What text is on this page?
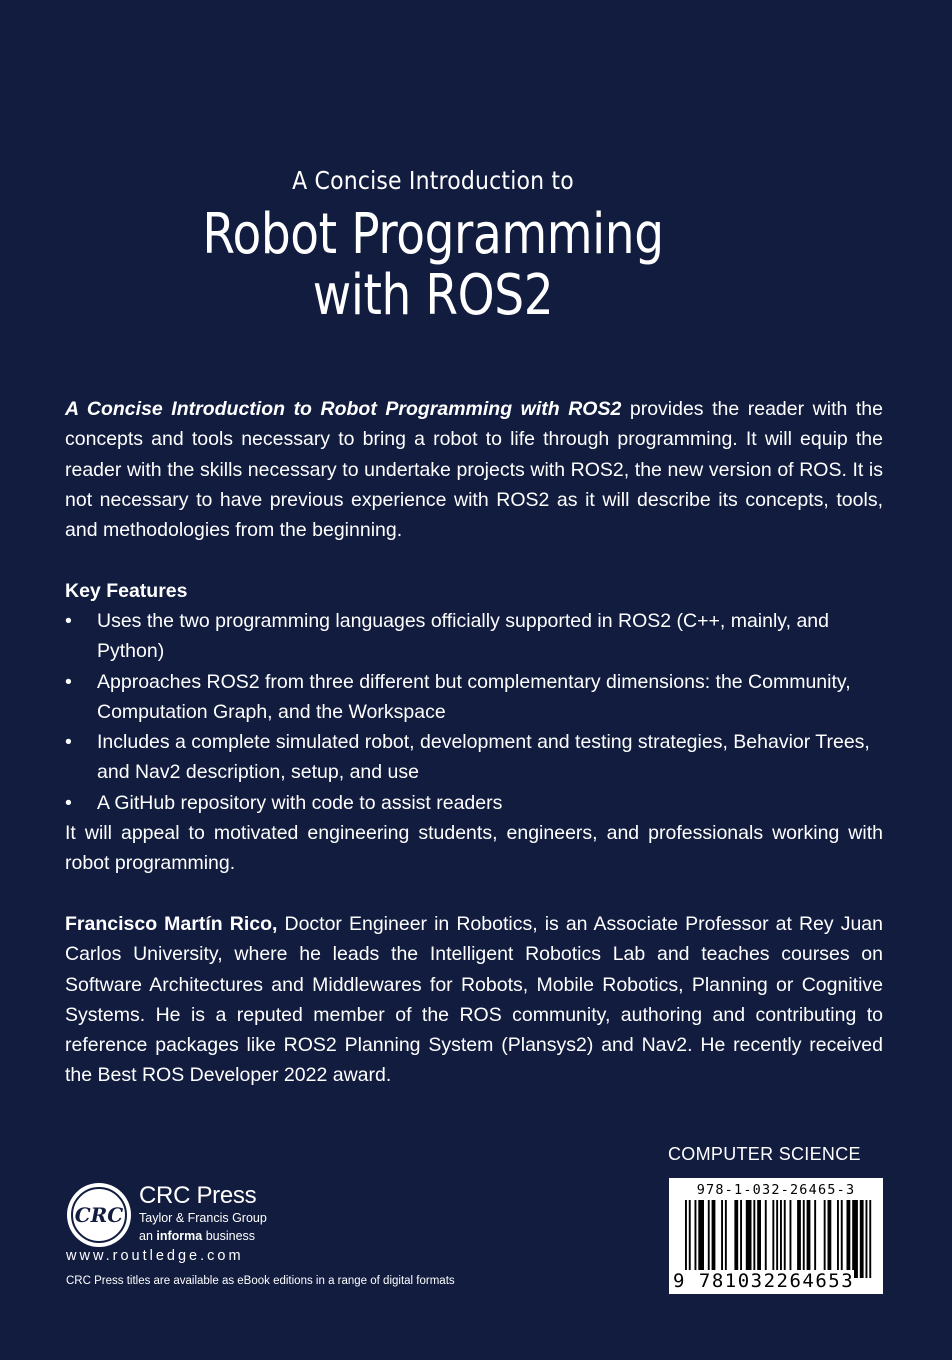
A Concise Introduction to
Robot Programming
with ROS2
A Concise Introduction to Robot Programming with ROS2 provides the reader with the concepts and tools necessary to bring a robot to life through programming. It will equip the reader with the skills necessary to undertake projects with ROS2, the new version of ROS. It is not necessary to have previous experience with ROS2 as it will describe its concepts, tools, and methodologies from the beginning.
Key Features
• Uses the two programming languages officially supported in ROS2 (C++, mainly, and Python)
• Approaches ROS2 from three different but complementary dimensions: the Community, Computation Graph, and the Workspace
• Includes a complete simulated robot, development and testing strategies, Behavior Trees, and Nav2 description, setup, and use
• A GitHub repository with code to assist readers
It will appeal to motivated engineering students, engineers, and professionals working with robot programming.
Francisco Martín Rico, Doctor Engineer in Robotics, is an Associate Professor at Rey Juan Carlos University, where he leads the Intelligent Robotics Lab and teaches courses on Software Architectures and Middlewares for Robots, Mobile Robotics, Planning or Cognitive Systems. He is a reputed member of the ROS community, authoring and contributing to reference packages like ROS2 Planning System (Plansys2) and Nav2. He recently received the Best ROS Developer 2022 award.
COMPUTER SCIENCE
978-1-032-26465-3
9 781032264653
CRC
CRC Press
Taylor & Francis Group
an informa business
www.routledge.com
CRC Press titles are available as eBook editions in a range of digital formats
